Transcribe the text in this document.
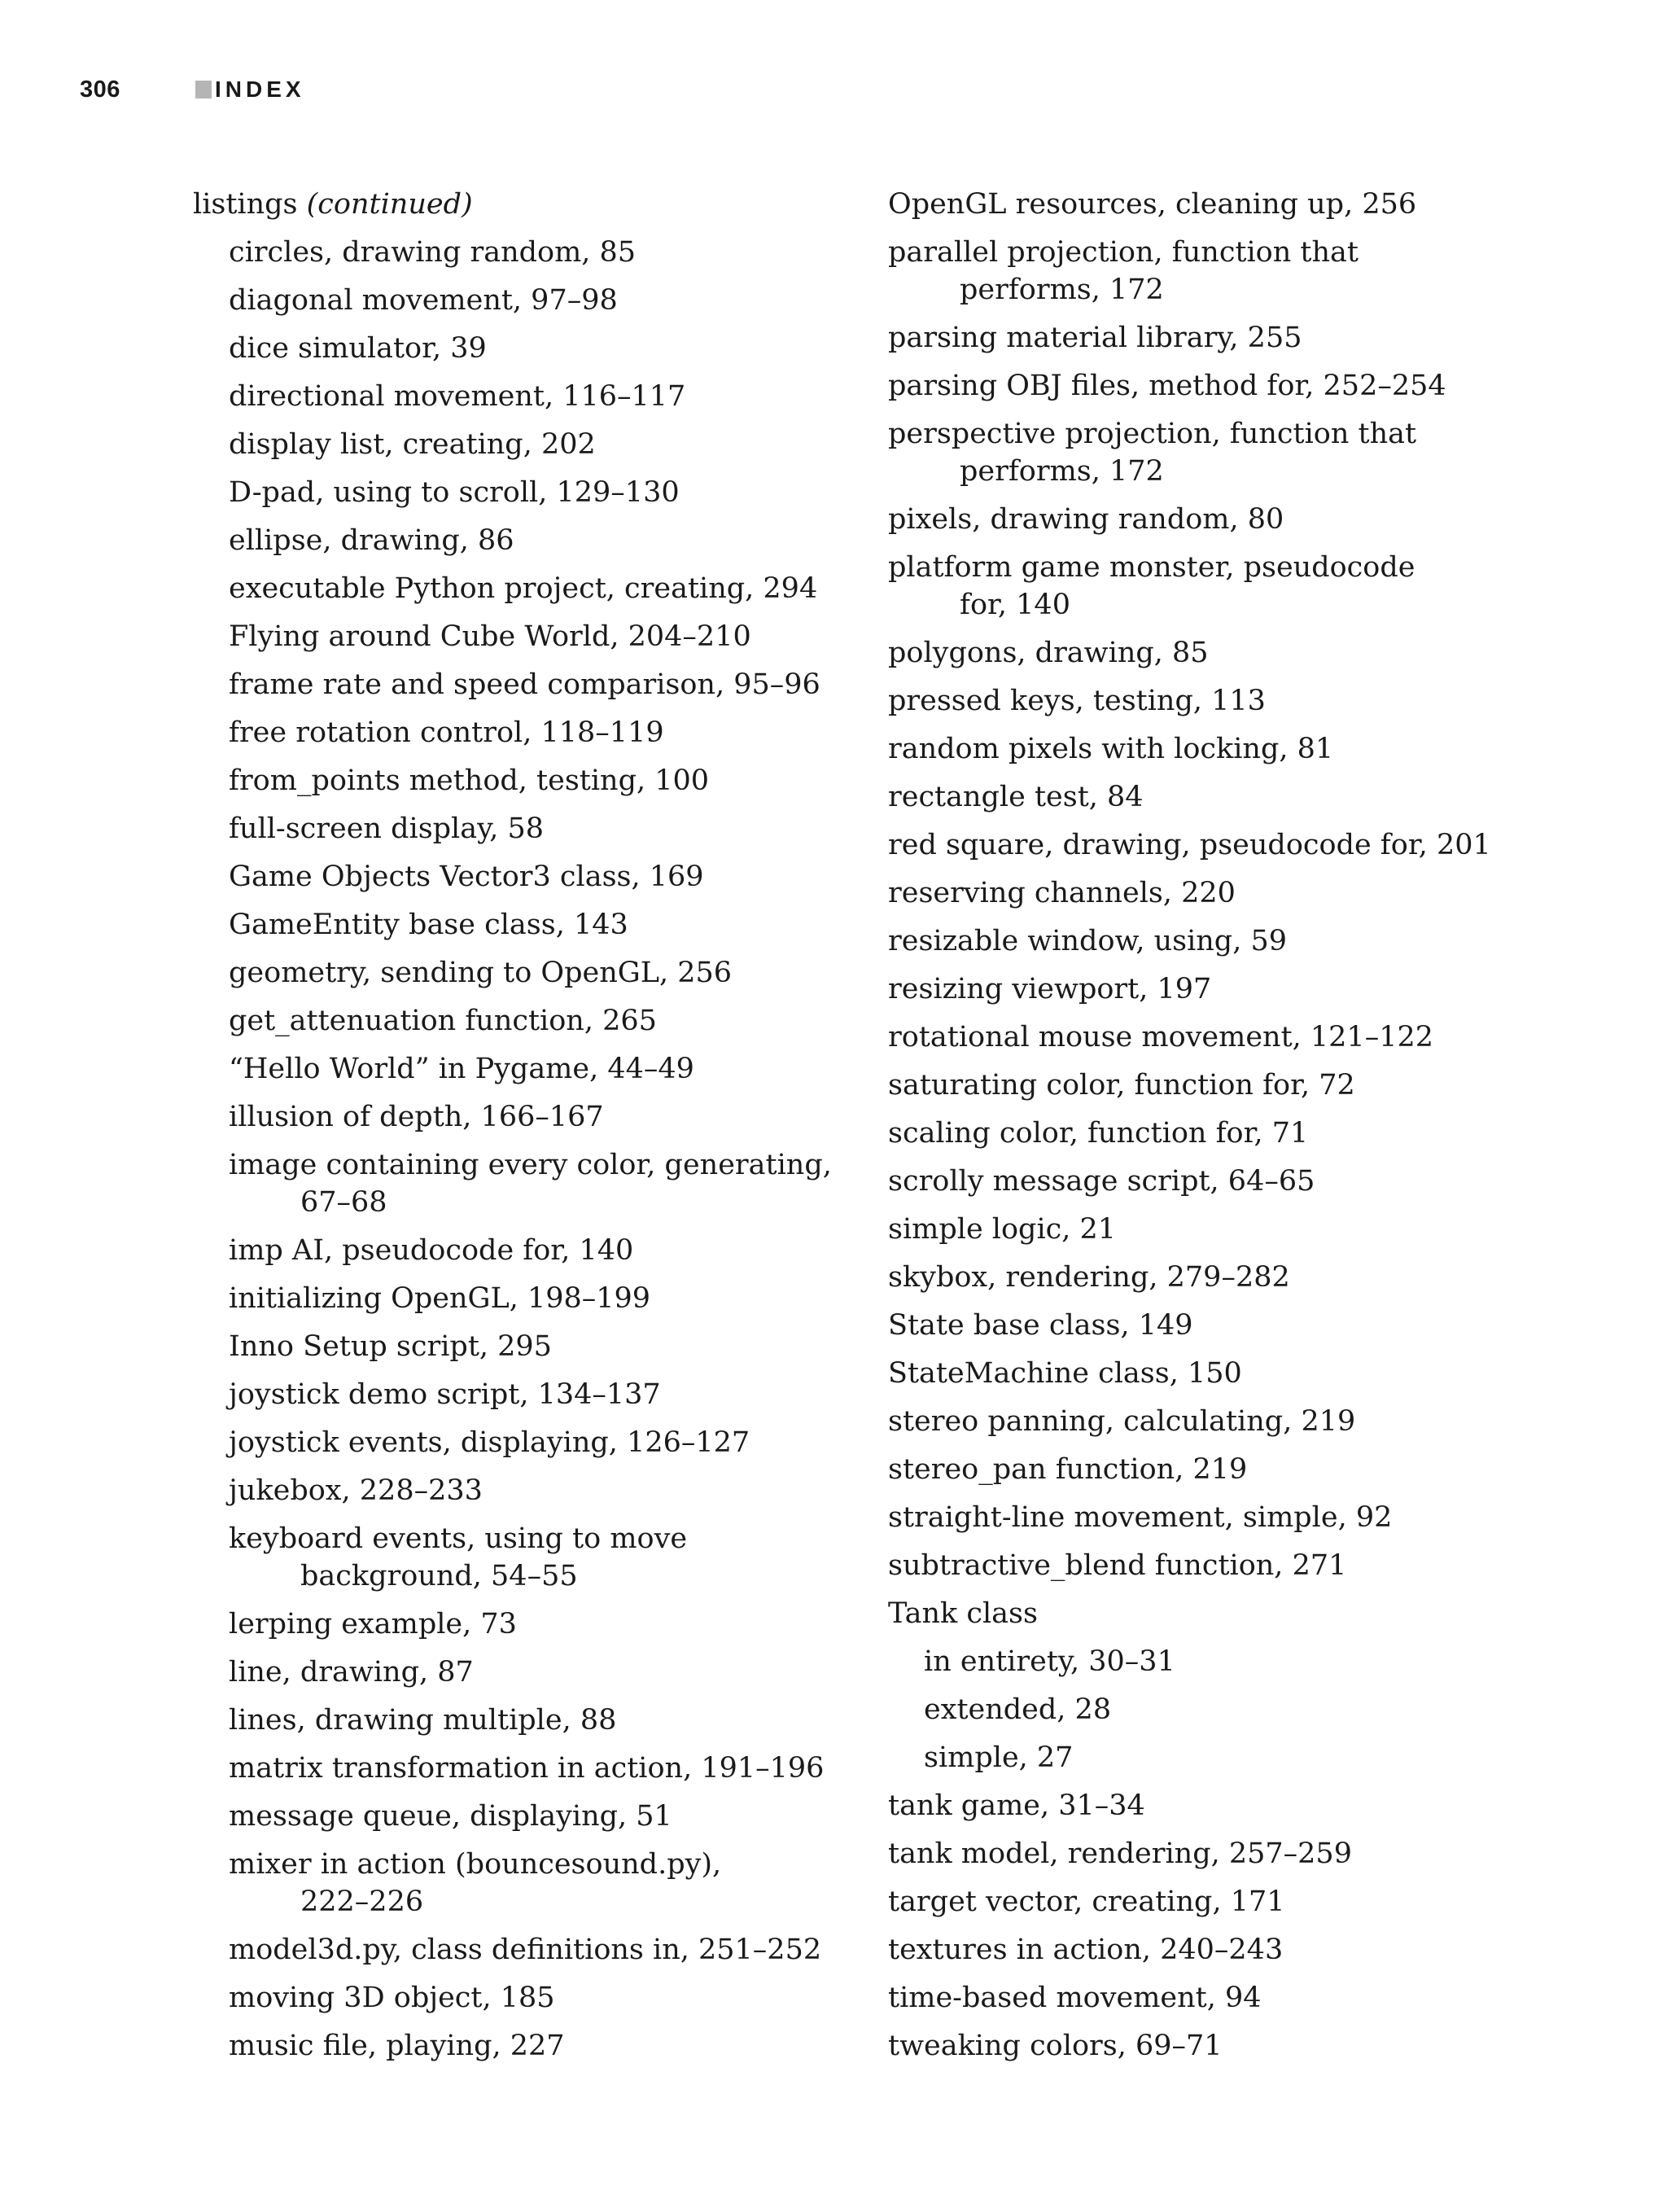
306	INDEX
listings (continued)
circles, drawing random, 85
diagonal movement, 97–98
dice simulator, 39
directional movement, 116–117
display list, creating, 202
D-pad, using to scroll, 129–130
ellipse, drawing, 86
executable Python project, creating, 294
Flying around Cube World, 204–210
frame rate and speed comparison, 95–96
free rotation control, 118–119
from_points method, testing, 100
full-screen display, 58
Game Objects Vector3 class, 169
GameEntity base class, 143
geometry, sending to OpenGL, 256
get_attenuation function, 265
“Hello World” in Pygame, 44–49
illusion of depth, 166–167
image containing every color, generating,
67–68
imp AI, pseudocode for, 140
initializing OpenGL, 198–199
Inno Setup script, 295
joystick demo script, 134–137
joystick events, displaying, 126–127
jukebox, 228–233
keyboard events, using to move
background, 54–55
lerping example, 73
line, drawing, 87
lines, drawing multiple, 88
matrix transformation in action, 191–196
message queue, displaying, 51
mixer in action (bouncesound.py),
222–226
model3d.py, class definitions in, 251–252
moving 3D object, 185
music file, playing, 227
OpenGL resources, cleaning up, 256
parallel projection, function that
performs, 172
parsing material library, 255
parsing OBJ files, method for, 252–254
perspective projection, function that
performs, 172
pixels, drawing random, 80
platform game monster, pseudocode
for, 140
polygons, drawing, 85
pressed keys, testing, 113
random pixels with locking, 81
rectangle test, 84
red square, drawing, pseudocode for, 201
reserving channels, 220
resizable window, using, 59
resizing viewport, 197
rotational mouse movement, 121–122
saturating color, function for, 72
scaling color, function for, 71
scrolly message script, 64–65
simple logic, 21
skybox, rendering, 279–282
State base class, 149
StateMachine class, 150
stereo panning, calculating, 219
stereo_pan function, 219
straight-line movement, simple, 92
subtractive_blend function, 271
Tank class
in entirety, 30–31
extended, 28
simple, 27
tank game, 31–34
tank model, rendering, 257–259
target vector, creating, 171
textures in action, 240–243
time-based movement, 94
tweaking colors, 69–71
